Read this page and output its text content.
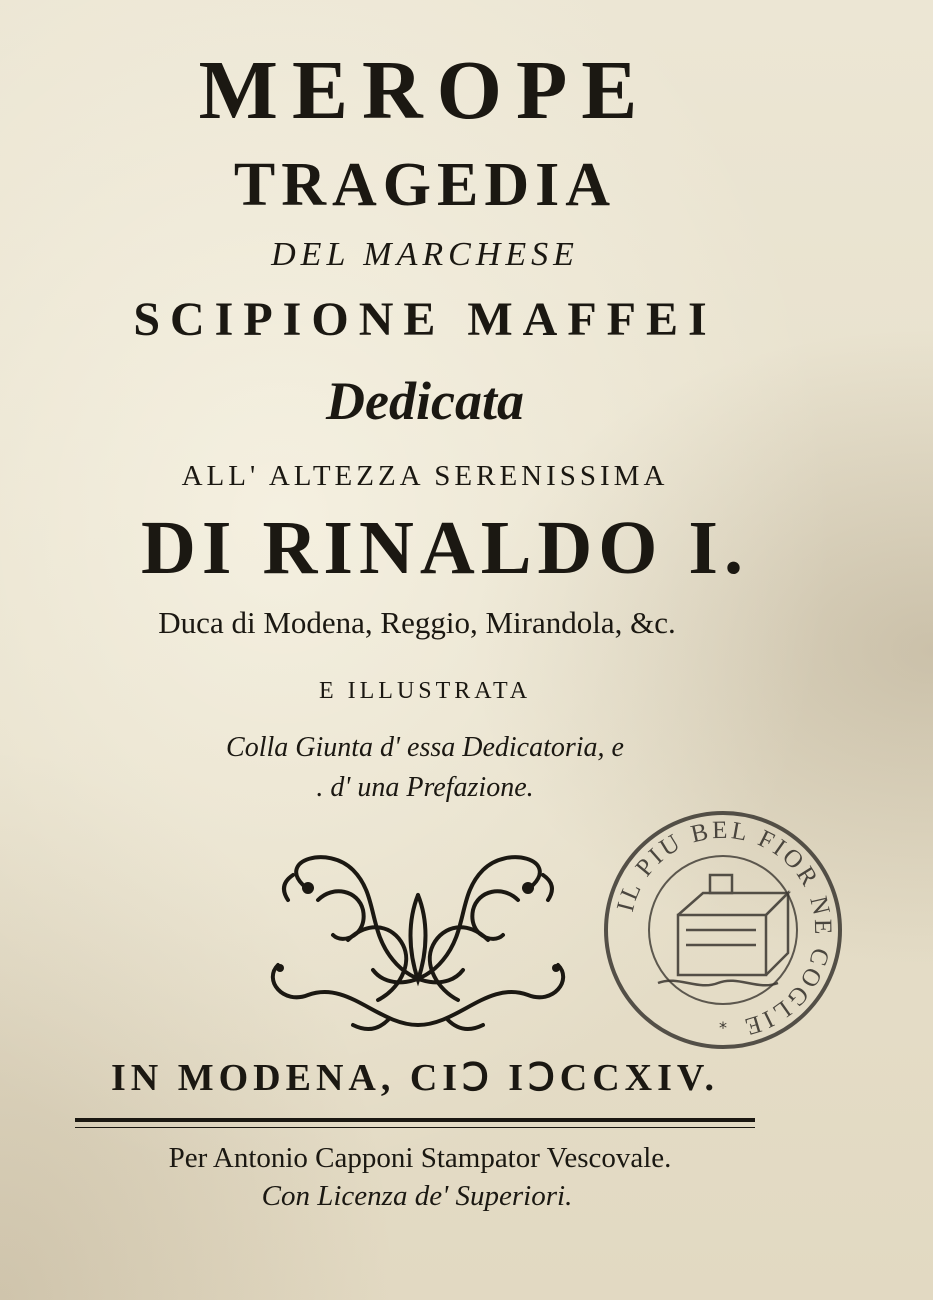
MEROPE
TRAGEDIA
DEL MARCHESE
SCIPIONE MAFFEI
Dedicata
ALL' ALTEZZA SERENISSIMA
DI RINALDO I.
Duca di Modena, Reggio, Mirandola, &c.
E ILLUSTRATA
Colla Giunta d' essa Dedicatoria, e
. d' una Prefazione.
IL PIU BEL FIOR NE COGLIE
*
IN MODENA, CIↃ IↃCCXIV.
Per Antonio Capponi Stampator Vescovale.
Con Licenza de' Superiori.
